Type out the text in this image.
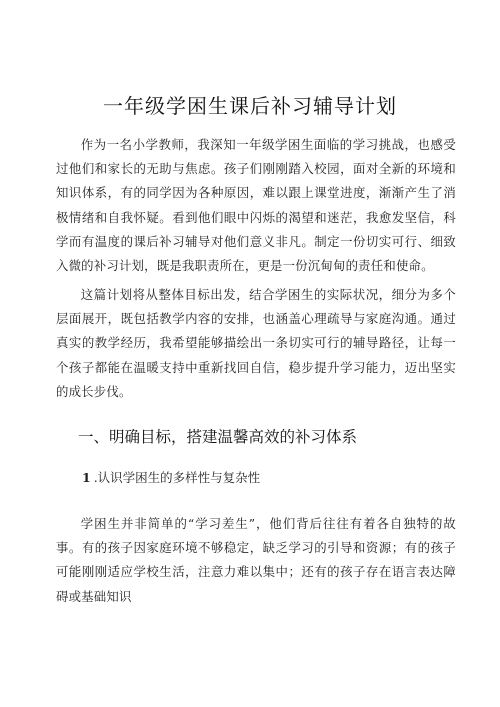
一年级学困生课后补习辅导计划

作为一名小学教师，我深知一年级学困生面临的学习挑战，也感受过他们和家长的无助与焦虑。孩子们刚刚踏入校园，面对全新的环境和知识体系，有的同学因为各种原因，难以跟上课堂进度，渐渐产生了消极情绪和自我怀疑。看到他们眼中闪烁的渴望和迷茫，我愈发坚信，科学而有温度的课后补习辅导对他们意义非凡。制定一份切实可行、细致入微的补习计划，既是我职责所在，更是一份沉甸甸的责任和使命。

这篇计划将从整体目标出发，结合学困生的实际状况，细分为多个层面展开，既包括教学内容的安排，也涵盖心理疏导与家庭沟通。通过真实的教学经历，我希望能够描绘出一条切实可行的辅导路径，让每一个孩子都能在温暖支持中重新找回自信，稳步提升学习能力，迈出坚实的成长步伐。

一、明确目标，搭建温馨高效的补习体系
1 .认识学困生的多样性与复杂性

学困生并非简单的“学习差生”，他们背后往往有着各自独特的故事。有的孩子因家庭环境不够稳定，缺乏学习的引导和资源；有的孩子可能刚刚适应学校生活，注意力难以集中；还有的孩子存在语言表达障碍或基础知识
